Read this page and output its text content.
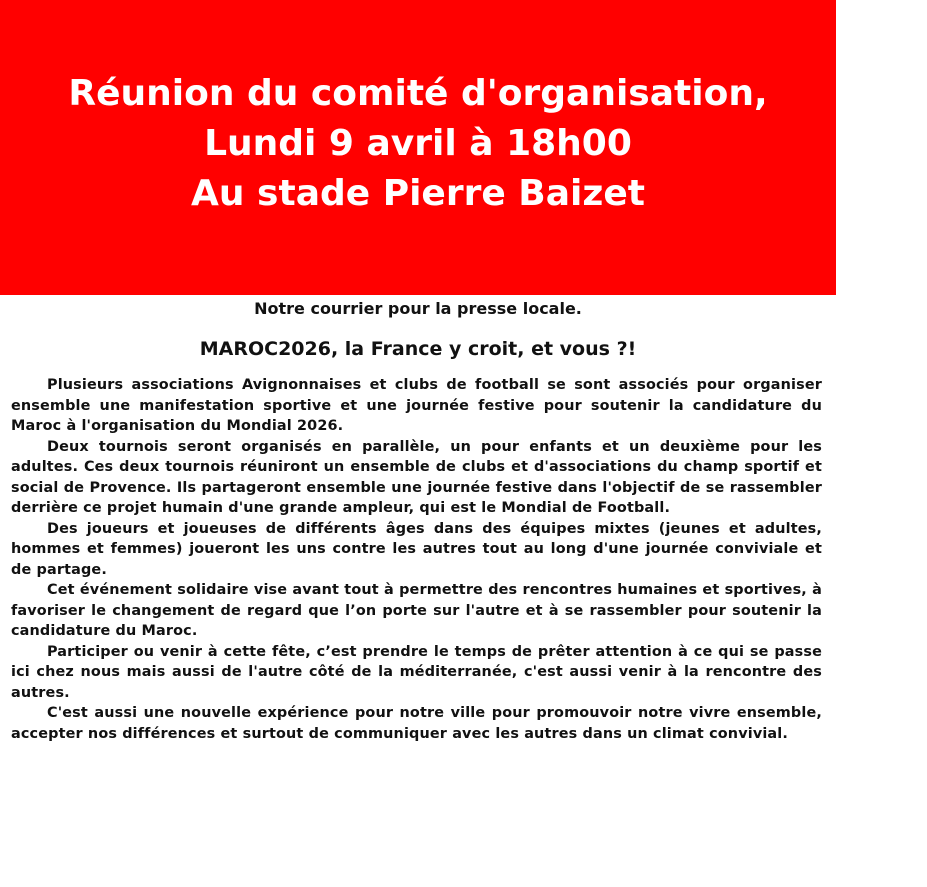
Réunion du comité d'organisation,
Lundi 9 avril à 18h00
Au stade Pierre Baizet
Notre courrier pour la presse locale.
MAROC2026, la France y croit, et vous ?!

Plusieurs associations Avignonnaises et clubs de football se sont associés pour organiser ensemble une manifestation sportive et une journée festive pour soutenir la candidature du Maroc à l'organisation du Mondial 2026.

Deux tournois seront organisés en parallèle, un pour enfants et un deuxième pour les adultes. Ces deux tournois réuniront un ensemble de clubs et d'associations du champ sportif et social de Provence. Ils partageront ensemble une journée festive dans l'objectif de se rassembler derrière ce projet humain d'une grande ampleur, qui est le Mondial de Football.

Des joueurs et joueuses de différents âges dans des équipes mixtes (jeunes et adultes, hommes et femmes) joueront les uns contre les autres tout au long d'une journée conviviale et de partage.

Cet événement solidaire vise avant tout à permettre des rencontres humaines et sportives, à favoriser le changement de regard que l’on porte sur l'autre et à se rassembler pour soutenir la candidature du Maroc.

Participer ou venir à cette fête, c’est prendre le temps de prêter attention à ce qui se passe ici chez nous mais aussi de l'autre côté de la méditerranée, c'est aussi venir à la rencontre des autres.

C'est aussi une nouvelle expérience pour notre ville pour promouvoir notre vivre ensemble, accepter nos différences et surtout de communiquer avec les autres dans un climat convivial.
